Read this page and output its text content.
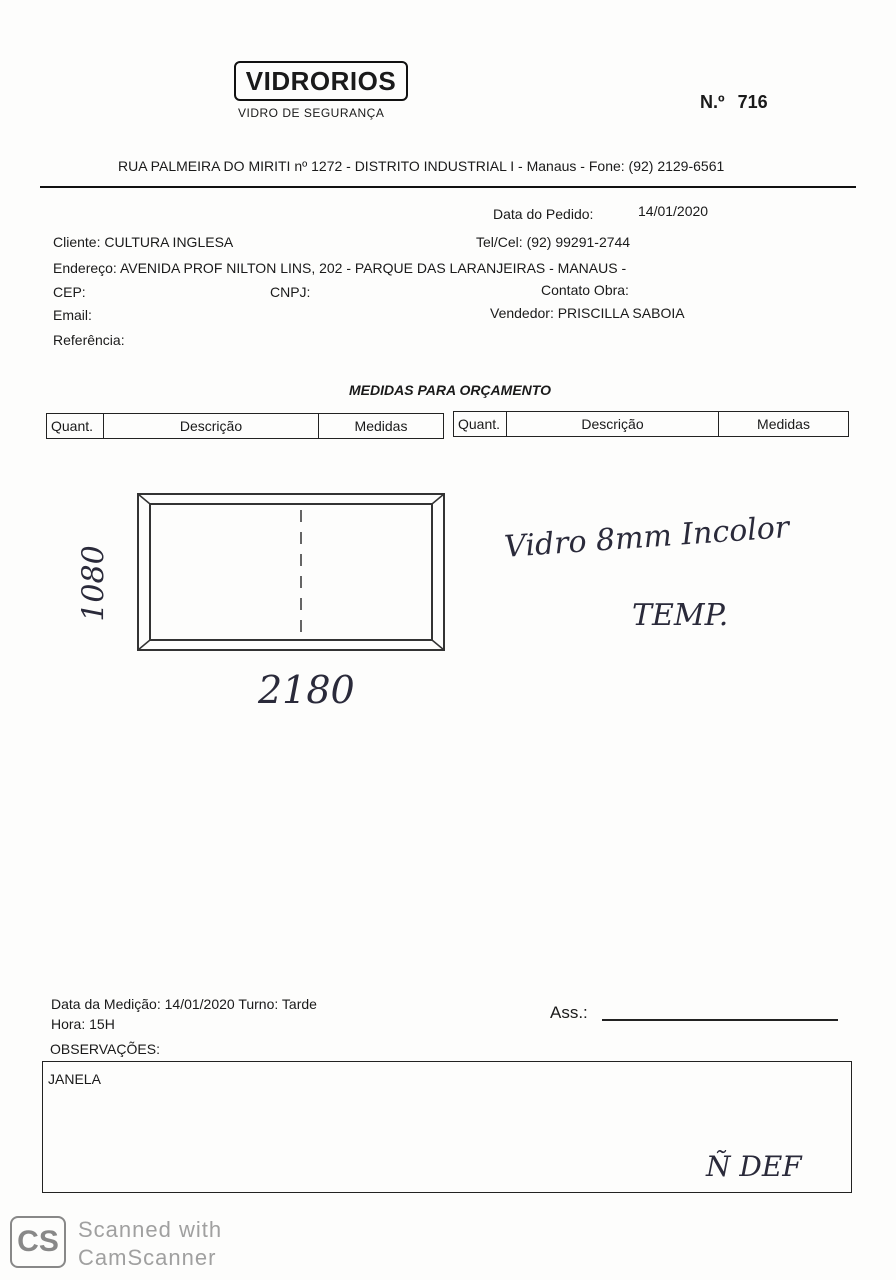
VIDRORIOS
VIDRO DE SEGURANÇA
N.º 716
RUA PALMEIRA DO MIRITI nº 1272 - DISTRITO INDUSTRIAL I - Manaus - Fone: (92) 2129-6561
Data do Pedido:	14/01/2020
Cliente: CULTURA INGLESA	Tel/Cel: (92) 99291-2744
Endereço: AVENIDA PROF NILTON LINS, 202 - PARQUE DAS LARANJEIRAS - MANAUS -
CEP:	CNPJ:	Contato Obra:
Email:	Vendedor: PRISCILLA SABOIA
Referência:
MEDIDAS PARA ORÇAMENTO
Quant.	Descrição	Medidas	Quant.	Descrição	Medidas
1080
2180
Vidro 8mm Incolor
TEMP.
Data da Medição: 14/01/2020 Turno: Tarde
Hora: 15H
Ass.:
OBSERVAÇÕES:
JANELA
Ñ DEF
CS Scanned with
CamScanner
